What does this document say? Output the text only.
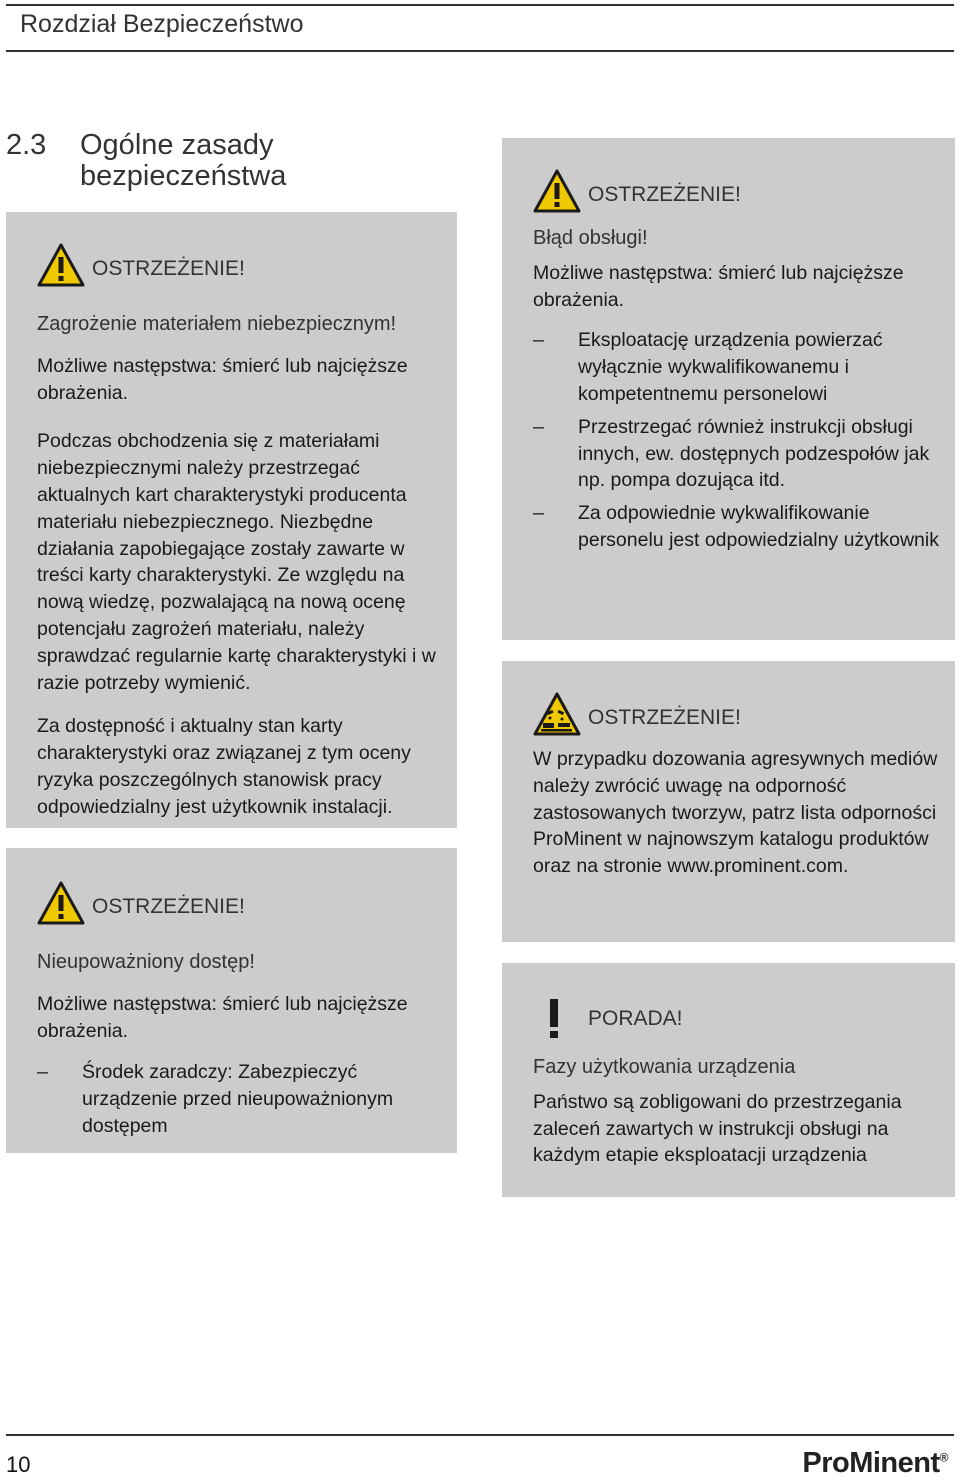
Rozdział Bezpieczeństwo
2.3 Ogólne zasady bezpieczeństwa
OSTRZEŻENIE!

Zagrożenie materiałem niebezpiecznym!

Możliwe następstwa: śmierć lub najcięższe obrażenia.

Podczas obchodzenia się z materiałami niebezpiecznymi należy przestrzegać aktualnych kart charakterystyki producenta materiału niebezpiecznego. Niezbędne działania zapobiegające zostały zawarte w treści karty charakterystyki. Ze względu na nową wiedzę, pozwalającą na nową ocenę potencjału zagrożeń materiału, należy sprawdzać regularnie kartę charakterystyki i w razie potrzeby wymienić.

Za dostępność i aktualny stan karty charakterystyki oraz związanej z tym oceny ryzyka poszczególnych stanowisk pracy odpowiedzialny jest użytkownik instalacji.

OSTRZEŻENIE!

Nieupoważniony dostęp!

Możliwe następstwa: śmierć lub najcięższe obrażenia.

– Środek zaradczy: Zabezpieczyć urządzenie przed nieupoważnionym dostępem
OSTRZEŻENIE!

Błąd obsługi!

Możliwe następstwa: śmierć lub najcięższe obrażenia.

– Eksploatację urządzenia powierzać wyłącznie wykwalifikowanemu i kompetentnemu personelowi
– Przestrzegać również instrukcji obsługi innych, ew. dostępnych podzespołów jak np. pompa dozująca itd.
– Za odpowiednie wykwalifikowanie personelu jest odpowiedzialny użytkownik
OSTRZEŻENIE!

W przypadku dozowania agresywnych mediów należy zwrócić uwagę na odporność zastosowanych tworzyw, patrz lista odporności ProMinent w najnowszym katalogu produktów oraz na stronie www.prominent.com.

PORADA!

Fazy użytkowania urządzenia

Państwo są zobligowani do przestrzegania zaleceń zawartych w instrukcji obsługi na każdym etapie eksploatacji urządzenia

10	ProMinent®
